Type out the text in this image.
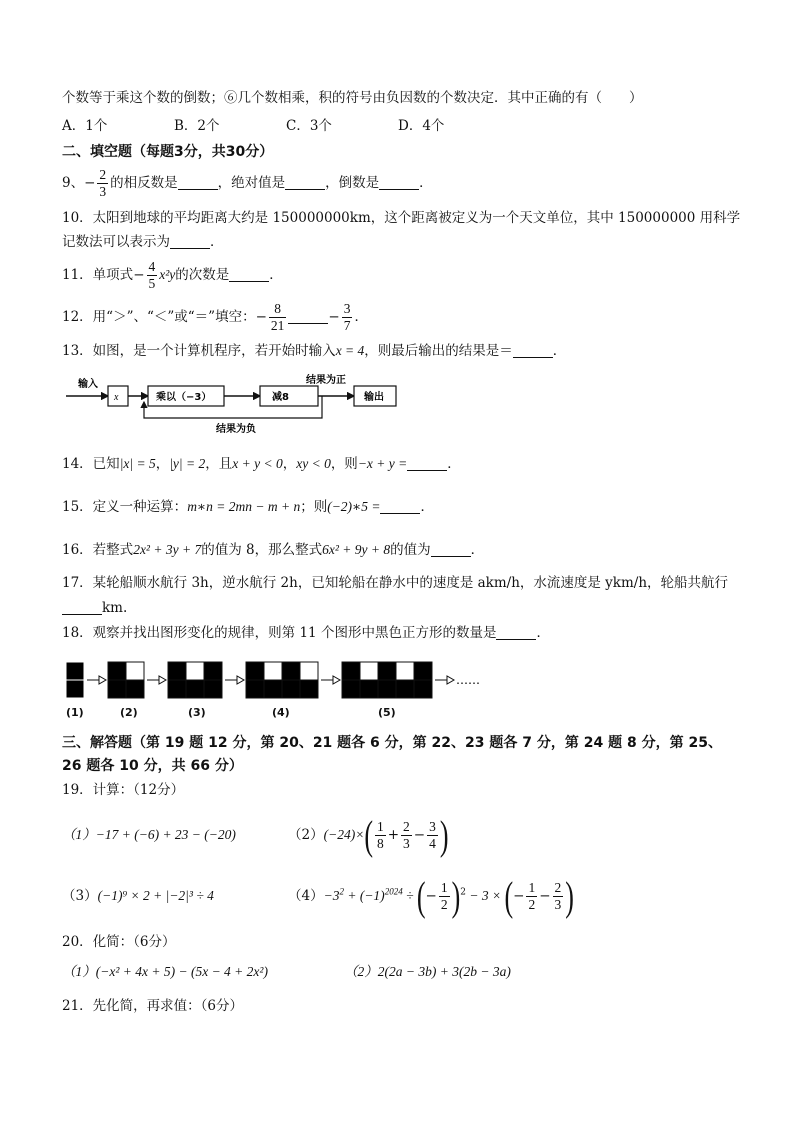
个数等于乘这个数的倒数；⑥几个数相乘，积的符号由负因数的个数决定．其中正确的有（　　）
A．1个	B．2个	C．3个	D．4个
二、填空题（每题3分，共30分）
9、− $\frac{2}{3}$ 的相反数是	，绝对值是	，倒数是	．
10．太阳到地球的平均距离大约是 150000000km，这个距离被定义为一个天文单位，其中 150000000 用科学
记数法可以表示为	．
11．单项式− $\frac{4}{5} x^2y$的次数是	．
12．用“＞”、“＜”或“＝”填空：− $\frac{8}{21}$	− $\frac{3}{7}$ ．
13．如图，是一个计算机程序，若开始时输入x = 4，则最后输出的结果是＝	．
输入
x	乘以（−3）	减8
结果为正
输出
结果为负
14．已知|x| = 5，|y| = 2，且x + y < 0，xy < 0，则−x + y =	．
15．定义一种运算：m∗n = 2mn − m + n；则(−2)∗5 =	．
16．若整式2x² + 3y + 7的值为 8，那么整式6x² + 9y + 8的值为	．
17．某轮船顺水航行 3h，逆水航行 2h，已知轮船在静水中的速度是 akm/h，水流速度是 ykm/h，轮船共航行
km.
18．观察并找出图形变化的规律，则第 11 个图形中黑色正方形的数量是	．
……
(1)	(2)	(3)	(4)	(5)
三、解答题（第 19 题 12 分，第 20、21 题各 6 分，第 22、23 题各 7 分，第 24 题 8 分，第 25、
26 题各 10 分，共 66 分）
19．计算：（12分）
（1）−17 + (−6) + 23 − (−20)	$(2)(-24)\times( \frac{1}{8} + \frac{2}{3} - \frac{3}{4}$ )
（3）(−1)⁹ × 2 + |−2|³ ÷ 4	$(4)-3^2 + (-1)^{2024}$ ÷ (− $\frac{1}{2} )^2 - 3$ × (− $\frac{1}{2} - \frac{2}{3}$ )
20．化简：（6分）
（1）(−x² + 4x + 5) − (5x − 4 + 2x²)	（2）2(2a − 3b) + 3(2b − 3a)
21．先化简，再求值：（6分）
